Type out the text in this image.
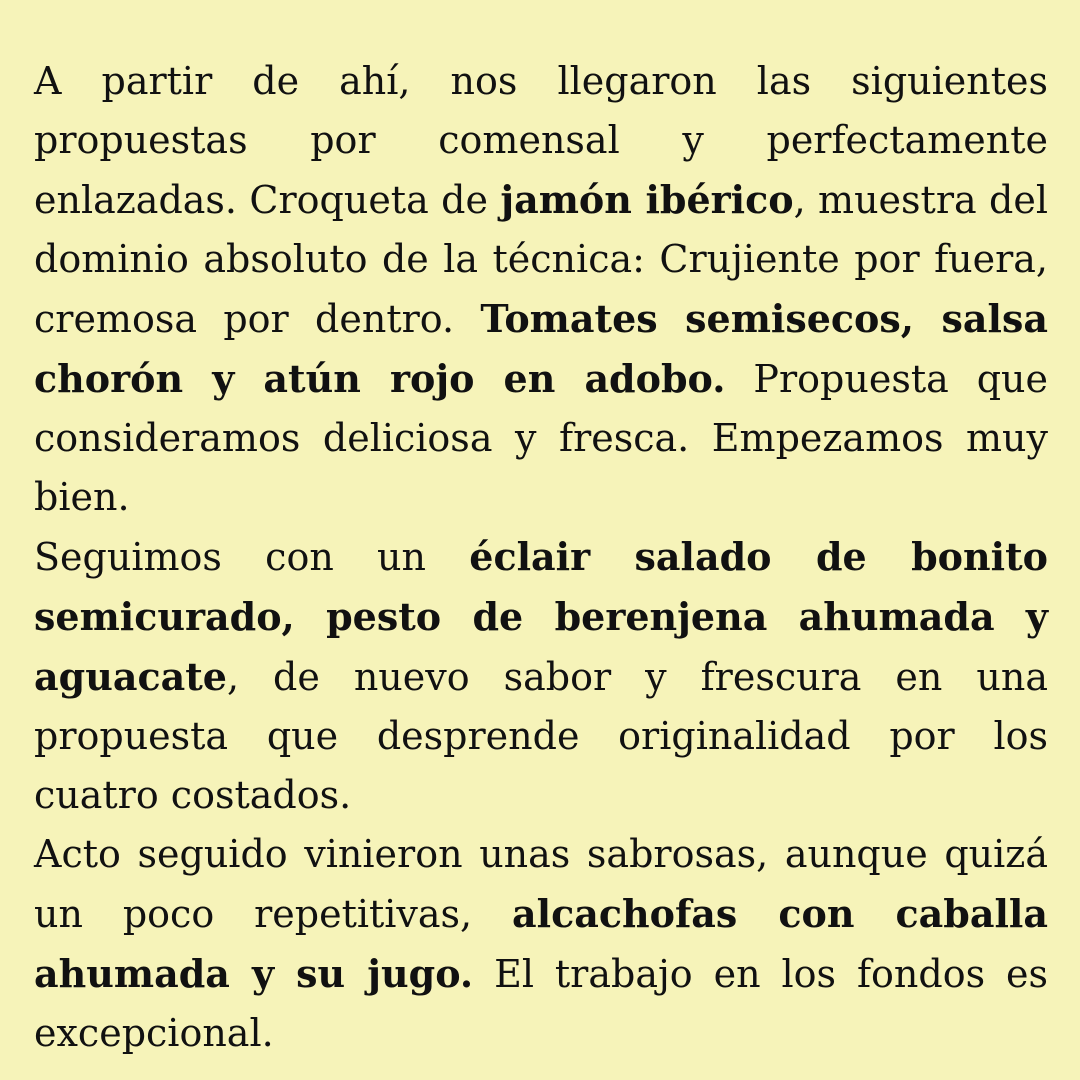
A partir de ahí, nos llegaron las siguientes propuestas por comensal y perfectamente enlazadas. Croqueta de jamón ibérico, muestra del dominio absoluto de la técnica: Crujiente por fuera, cremosa por dentro. Tomates semisecos, salsa chorón y atún rojo en adobo. Propuesta que consideramos deliciosa y fresca. Empezamos muy bien.

Seguimos con un éclair salado de bonito semicurado, pesto de berenjena ahumada y aguacate, de nuevo sabor y frescura en una propuesta que desprende originalidad por los cuatro costados.

Acto seguido vinieron unas sabrosas, aunque quizá un poco repetitivas, alcachofas con caballa ahumada y su jugo. El trabajo en los fondos es excepcional.
